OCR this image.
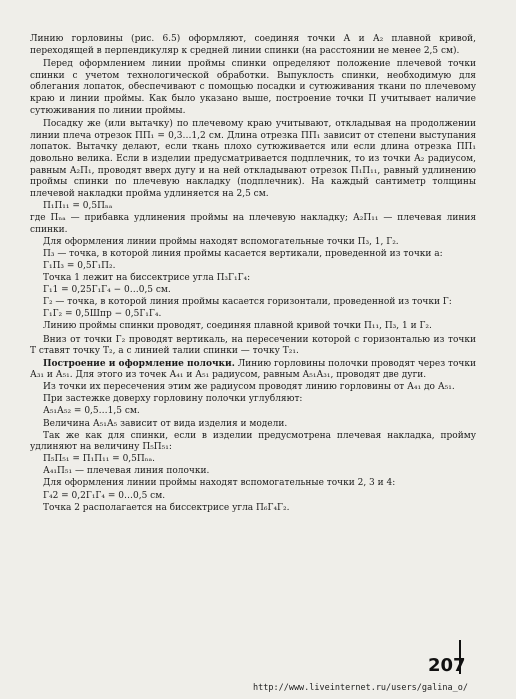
Линию горловины (рис. 6.5) оформляют, соединяя точки А и А₂ плавной кривой, переходящей в перпендикуляр к средней линии спинки (на расстоянии не менее 2,5 см).

Перед оформлением линии проймы спинки определяют положение плечевой точки спинки с учетом технологической обработки. Выпуклость спинки, необходимую для облегания лопаток, обеспечивают с помощью посадки и сутюживания ткани по плечевому краю и линии проймы. Как было указано выше, построение точки П учитывает наличие сутюживания по линии проймы.

Посадку же (или вытачку) по плечевому краю учитывают, откладывая на продолжении линии плеча отрезок ПП₁ = 0,3…1,2 см. Длина отрезка ПП₁ зависит от степени выступания лопаток. Вытачку делают, если ткань плохо сутюживается или если длина отрезка ПП₁ довольно велика. Если в изделии предусматривается подплечник, то из точки А₂ радиусом, равным А₂П₁, проводят вверх дугу и на ней откладывают отрезок П₁П₁₁, равный удлинению проймы спинки по плечевую накладку (подплечник). На каждый сантиметр толщины плечевой накладки пройма удлиняется на 2,5 см.

П₁П₁₁ = 0,5Пₙₐ

где Пₙₐ — прибавка удлинения проймы на плечевую накладку; А₂П₁₁ — плечевая линия спинки.

Для оформления линии проймы находят вспомогательные точки П₃, 1, Г₂.

П₃ — точка, в которой линия проймы касается вертикали, проведенной из точки а:

Г₁П₃ = 0,5Г₁П₂.

Точка 1 лежит на биссектрисе угла П₃Г₁Г₄:

Г₁1 = 0,25Г₁Г₄ − 0…0,5 см.

Г₂ — точка, в которой линия проймы касается горизонтали, проведенной из точки Г:

Г₁Г₂ = 0,5Шпр − 0,5Г₁Г₄.

Линию проймы спинки проводят, соединяя плавной кривой точки П₁₁, П₃, 1 и Г₂.

Вниз от точки Г₂ проводят вертикаль, на пересечении которой с горизонталью из точки Т ставят точку Т₂, а с линией талии спинки — точку Т₂₁.

Построение и оформление полочки. Линию горловины полочки проводят через точки А₃₁ и А₅₁. Для этого из точек А₄₁ и А₅₁ радиусом, равным А₅₁А₃₁, проводят две дуги.

Из точки их пересечения этим же радиусом проводят линию горловины от А₄₁ до А₅₁.

При застежке доверху горловину полочки углубляют:

А₅₁А₅₂ = 0,5…1,5 см.

Величина А₅₁А₅ зависит от вида изделия и модели.

Так же как для спинки, если в изделии предусмотрена плечевая накладка, пройму удлиняют на величину П₅П₅₁:

П₅П₅₁ = П₁П₁₁ = 0,5Пₙₐ.

А₄₁П₅₁ — плечевая линия полочки.

Для оформления линии проймы находят вспомогательные точки 2, 3 и 4:

Г₄2 = 0,2Г₁Г₄ = 0…0,5 см.

Точка 2 располагается на биссектрисе угла П₆Г₄Г₂.

207
http://www.liveinternet.ru/users/galina_o/
